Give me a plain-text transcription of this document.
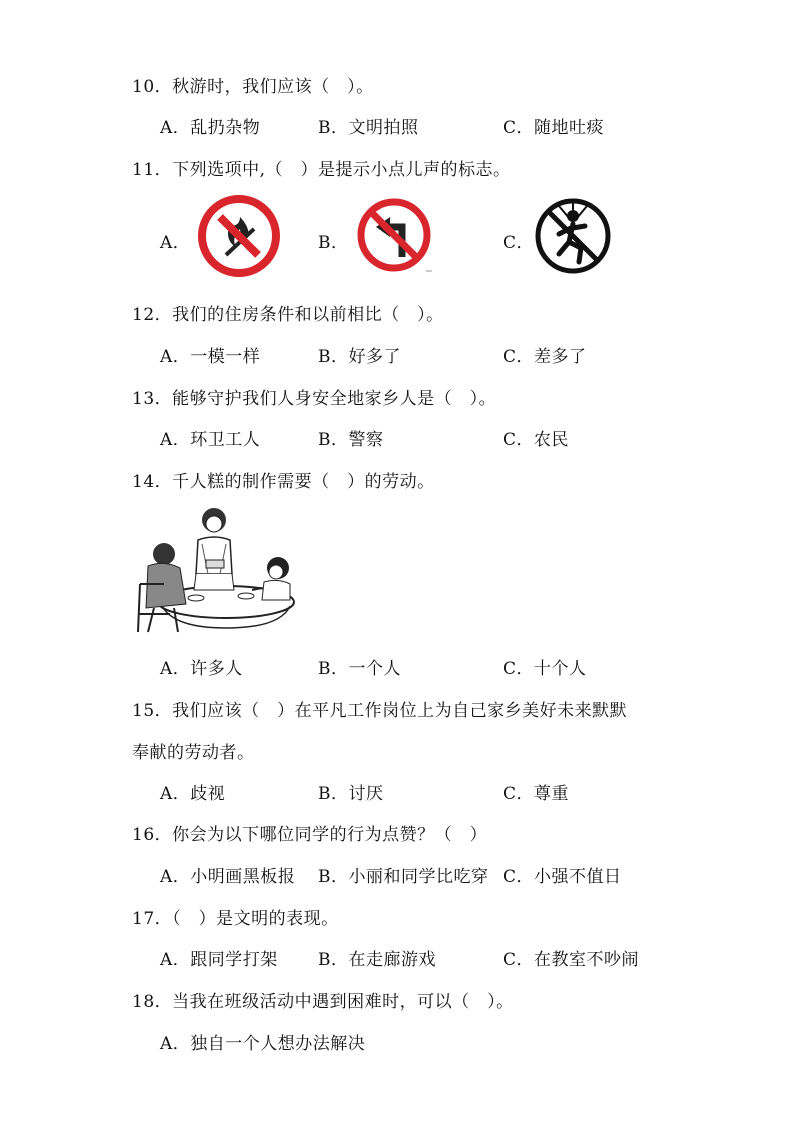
10．秋游时，我们应该（　）。
A．乱扔杂物	B．文明拍照	C．随地吐痰
11．下列选项中,（　）是提示小点儿声的标志。
A．	B．	C．
12．我们的住房条件和以前相比（　）。
A．一模一样	B．好多了	C．差多了
13．能够守护我们人身安全地家乡人是（　）。
A．环卫工人	B．警察	C．农民
14．千人糕的制作需要（　）的劳动。
A．许多人	B．一个人	C．十个人
15．我们应该（　）在平凡工作岗位上为自己家乡美好未来默默
奉献的劳动者。
A．歧视	B．讨厌	C．尊重
16．你会为以下哪位同学的行为点赞？（　）
A．小明画黑板报 B．小丽和同学比吃穿 C．小强不值日
17．（　）是文明的表现。
A．跟同学打架 B．在走廊游戏	C．在教室不吵闹
18．当我在班级活动中遇到困难时，可以（　）。
A．独自一个人想办法解决
